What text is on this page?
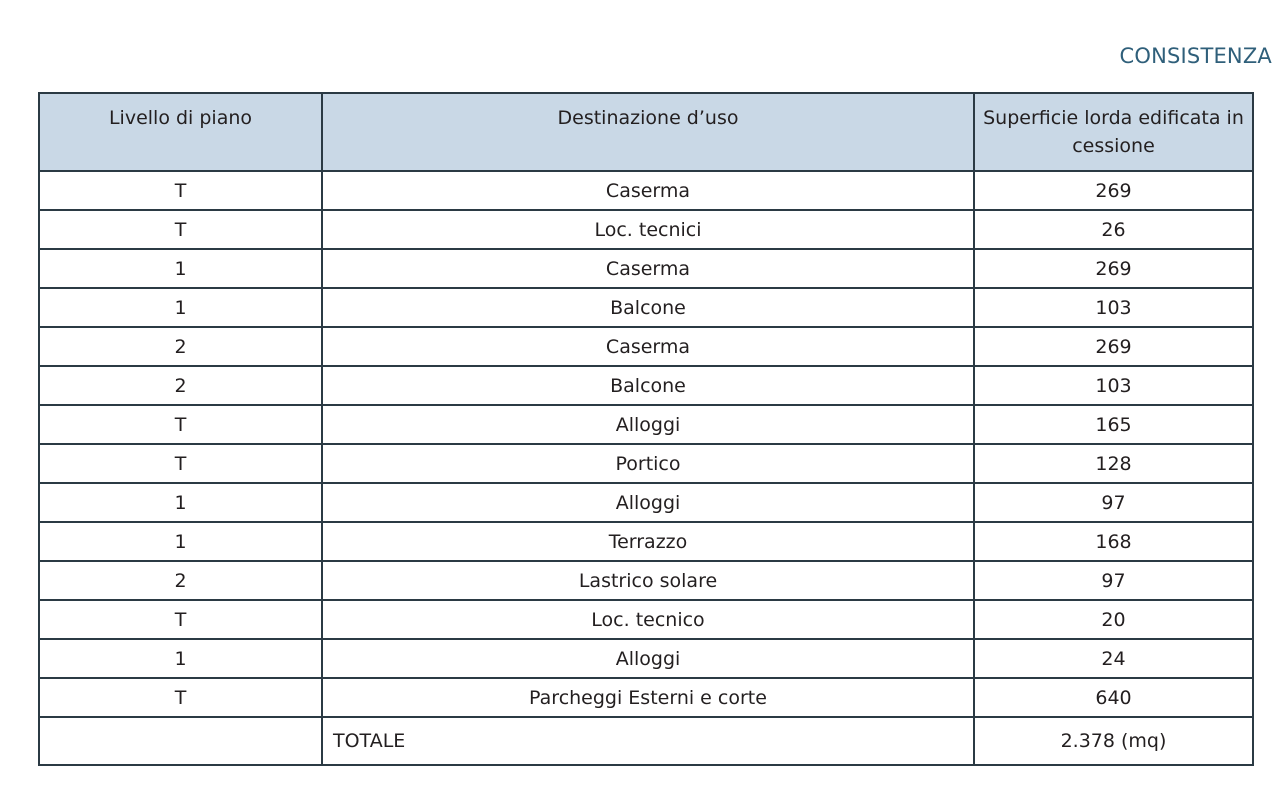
CONSISTENZA
Livello di piano	Destinazione d’uso	Superficie lorda edificata in cessione
T	Caserma	269
T	Loc. tecnici	26
1	Caserma	269
1	Balcone	103
2	Caserma	269
2	Balcone	103
T	Alloggi	165
T	Portico	128
1	Alloggi	97
1	Terrazzo	168
2	Lastrico solare	97
T	Loc. tecnico	20
1	Alloggi	24
T	Parcheggi Esterni e corte	640
	TOTALE	2.378 (mq)
